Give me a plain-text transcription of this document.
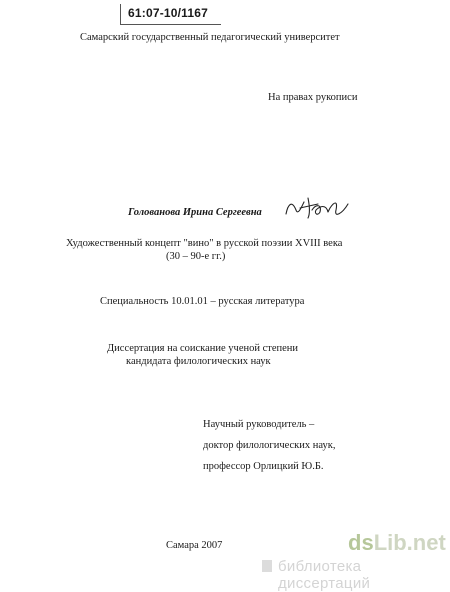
61:07-10/1167
Самарский государственный педагогический университет
На правах рукописи
Голованова Ирина Сергеевна
Художественный концепт "вино" в русской поэзии XVIII века
(30 – 90-е гг.)
Специальность 10.01.01 – русская литература
Диссертация на соискание ученой степени
кандидата филологических наук
Научный руководитель –
доктор филологических наук,
профессор Орлицкий Ю.Б.
Самара 2007	dsLib.net
библиотека диссертаций
